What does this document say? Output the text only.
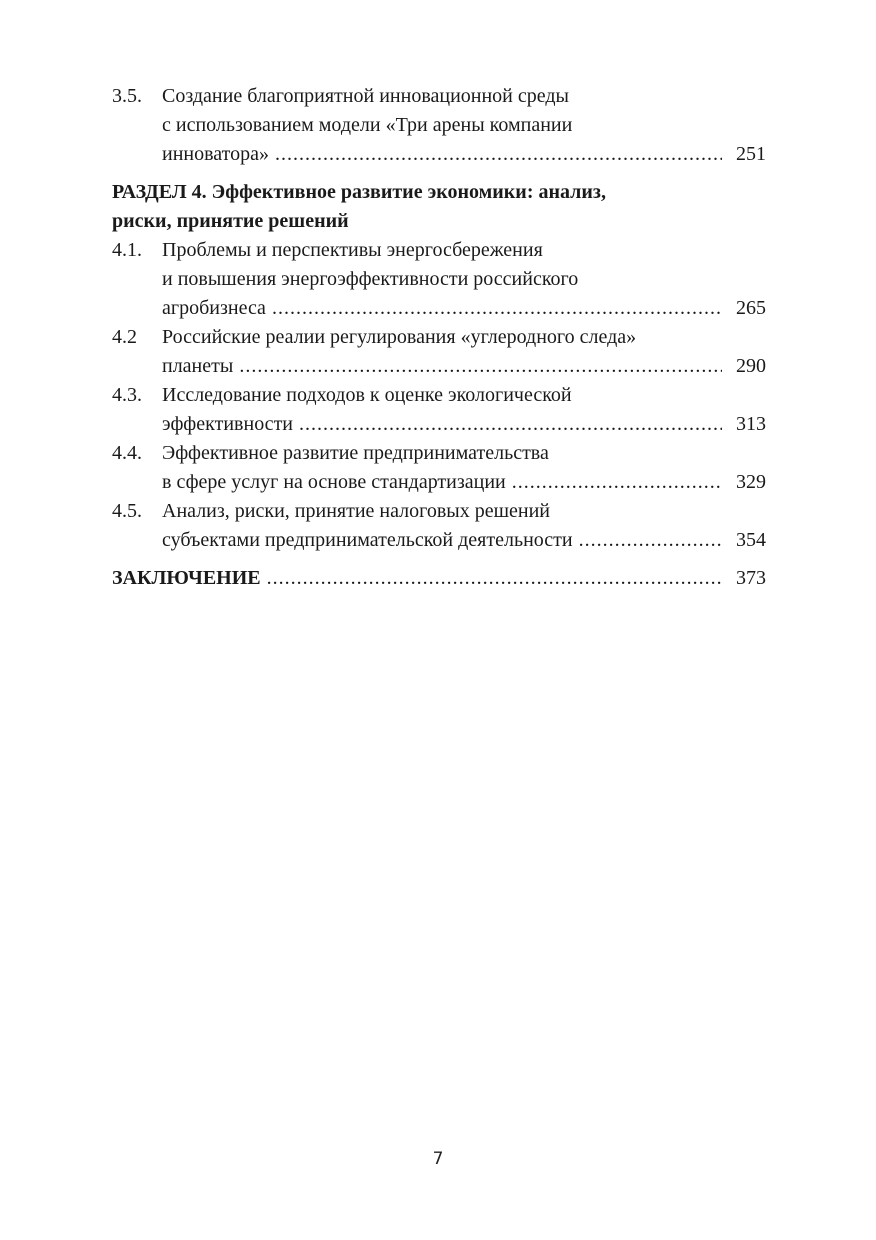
3.5.	Создание благоприятной инновационной среды
с использованием модели «Три арены компании
инноватора» .....	251
РАЗДЕЛ 4. Эффективное развитие экономики: анализ,
риски, принятие решений
4.1.	Проблемы и перспективы энергосбережения
и повышения энергоэффективности российского
агробизнеса .....	265
4.2	Российские реалии регулирования «углеродного следа»
планеты .....	290
4.3.	Исследование подходов к оценке экологической
эффективности .....	313
4.4.	Эффективное развитие предпринимательства
в сфере услуг на основе стандартизации .....	329
4.5.	Анализ, риски, принятие налоговых решений
субъектами предпринимательской деятельности .....	354
ЗАКЛЮЧЕНИЕ .....	373
7
